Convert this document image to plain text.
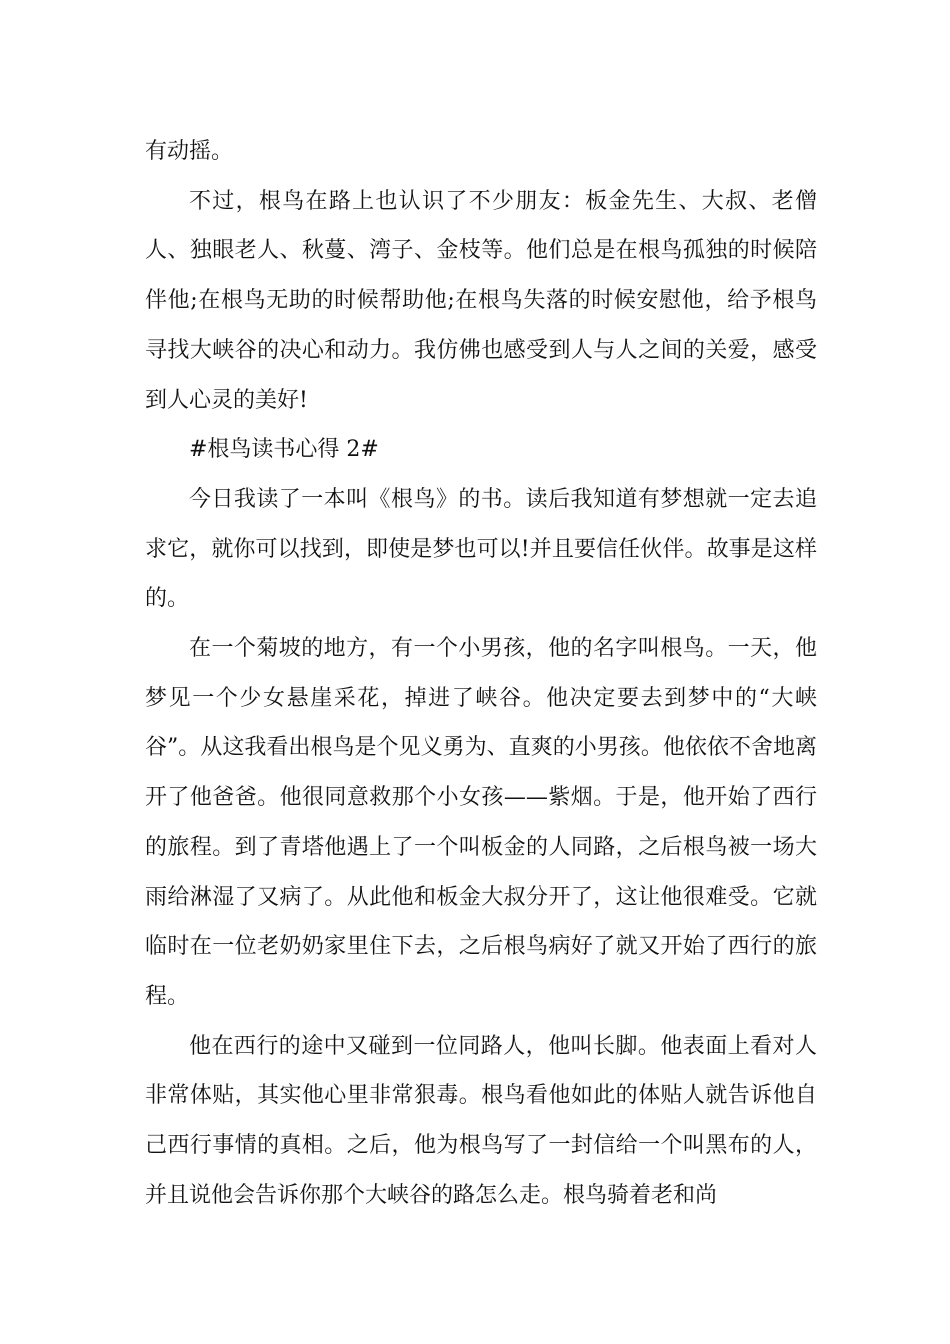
有动摇。

不过，根鸟在路上也认识了不少朋友：板金先生、大叔、老僧人、独眼老人、秋蔓、湾子、金枝等。他们总是在根鸟孤独的时候陪伴他;在根鸟无助的时候帮助他;在根鸟失落的时候安慰他，给予根鸟寻找大峡谷的决心和动力。我仿佛也感受到人与人之间的关爱，感受到人心灵的美好!

#根鸟读书心得 2#

今日我读了一本叫《根鸟》的书。读后我知道有梦想就一定去追求它，就你可以找到，即使是梦也可以!并且要信任伙伴。故事是这样的。

在一个菊坡的地方，有一个小男孩，他的名字叫根鸟。一天，他梦见一个少女悬崖采花，掉进了峡谷。他决定要去到梦中的“大峡谷”。从这我看出根鸟是个见义勇为、直爽的小男孩。他依依不舍地离开了他爸爸。他很同意救那个小女孩——紫烟。于是，他开始了西行的旅程。到了青塔他遇上了一个叫板金的人同路，之后根鸟被一场大雨给淋湿了又病了。从此他和板金大叔分开了，这让他很难受。它就临时在一位老奶奶家里住下去，之后根鸟病好了就又开始了西行的旅程。

他在西行的途中又碰到一位同路人，他叫长脚。他表面上看对人非常体贴，其实他心里非常狠毒。根鸟看他如此的体贴人就告诉他自己西行事情的真相。之后，他为根鸟写了一封信给一个叫黑布的人，并且说他会告诉你那个大峡谷的路怎么走。根鸟骑着老和尚
